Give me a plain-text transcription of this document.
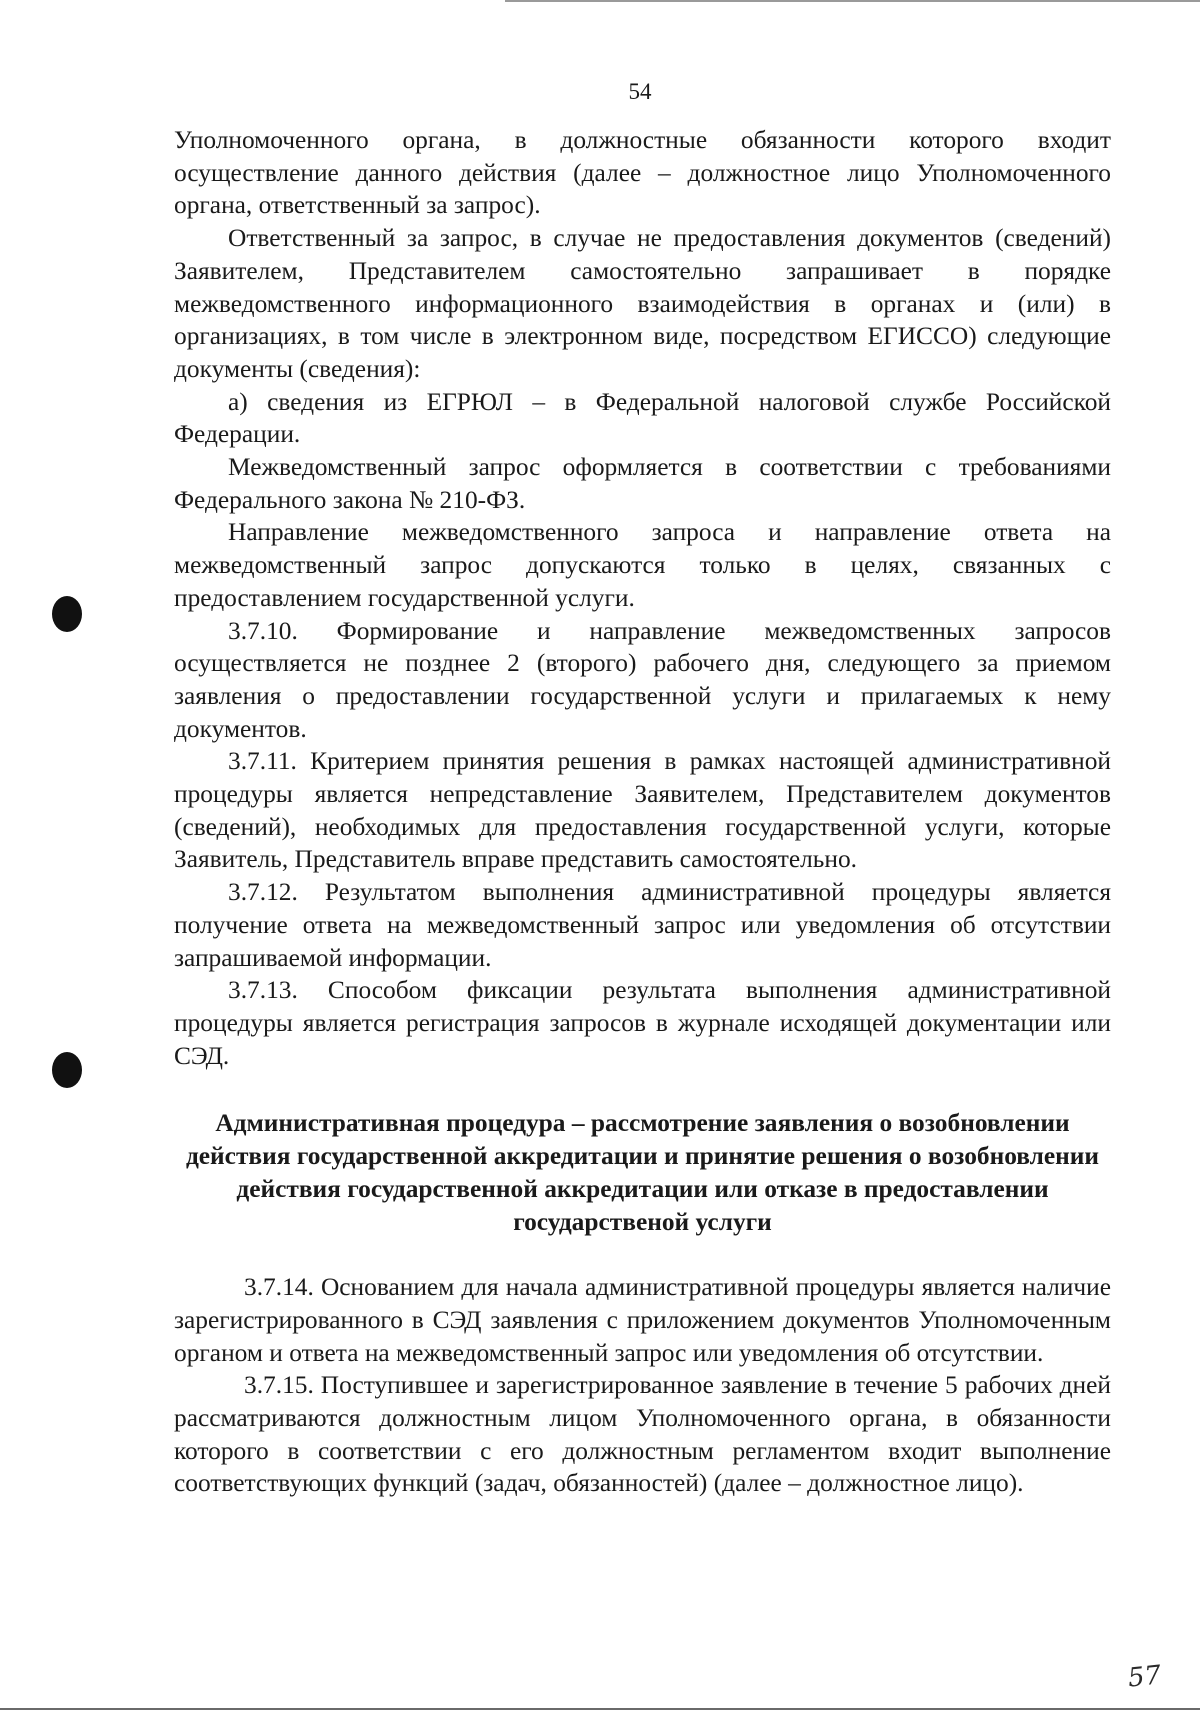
54

Уполномоченного органа, в должностные обязанности которого входит осуществление данного действия (далее – должностное лицо Уполномоченного органа, ответственный за запрос).

Ответственный за запрос, в случае не предоставления документов (сведений) Заявителем, Представителем самостоятельно запрашивает в порядке межведомственного информационного взаимодействия в органах и (или) в организациях, в том числе в электронном виде, посредством ЕГИССО) следующие документы (сведения):

а) сведения из ЕГРЮЛ – в Федеральной налоговой службе Российской Федерации.

Межведомственный запрос оформляется в соответствии с требованиями Федерального закона № 210-ФЗ.

Направление межведомственного запроса и направление ответа на межведомственный запрос допускаются только в целях, связанных с предоставлением государственной услуги.

3.7.10. Формирование и направление межведомственных запросов осуществляется не позднее 2 (второго) рабочего дня, следующего за приемом заявления о предоставлении государственной услуги и прилагаемых к нему документов.

3.7.11. Критерием принятия решения в рамках настоящей административной процедуры является непредставление Заявителем, Представителем документов (сведений), необходимых для предоставления государственной услуги, которые Заявитель, Представитель вправе представить самостоятельно.

3.7.12. Результатом выполнения административной процедуры является получение ответа на межведомственный запрос или уведомления об отсутствии запрашиваемой информации.

3.7.13. Способом фиксации результата выполнения административной процедуры является регистрация запросов в журнале исходящей документации или СЭД.

Административная процедура – рассмотрение заявления о возобновлении действия государственной аккредитации и принятие решения о возобновлении действия государственной аккредитации или отказе в предоставлении государственой услуги

3.7.14. Основанием для начала административной процедуры является наличие зарегистрированного в СЭД заявления с приложением документов Уполномоченным органом и ответа на межведомственный запрос или уведомления об отсутствии.

3.7.15. Поступившее и зарегистрированное заявление в течение 5 рабочих дней рассматриваются должностным лицом Уполномоченного органа, в обязанности которого в соответствии с его должностным регламентом входит выполнение соответствующих функций (задач, обязанностей) (далее – должностное лицо).

57
